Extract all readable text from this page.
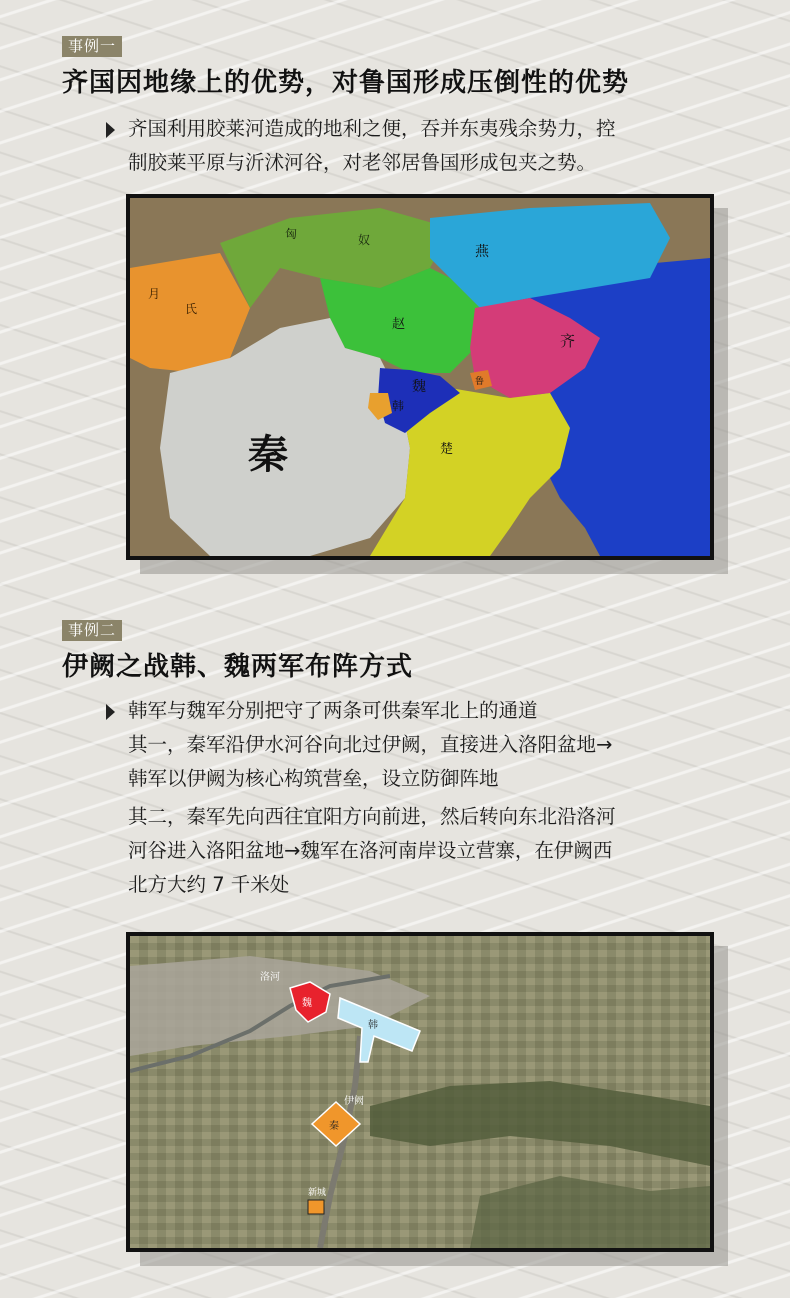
事例一
齐国因地缘上的优势，对鲁国形成压倒性的优势
齐国利用胶莱河造成的地利之便，吞并东夷残余势力，控
制胶莱平原与沂沭河谷，对老邻居鲁国形成包夹之势。
匈	奴
月
氏
燕
赵
齐
魏
韩
鲁
楚
秦
事例二
伊阙之战韩、魏两军布阵方式
韩军与魏军分别把守了两条可供秦军北上的通道
其一，秦军沿伊水河谷向北过伊阙，直接进入洛阳盆地→
韩军以伊阙为核心构筑营垒，设立防御阵地
其二，秦军先向西往宜阳方向前进，然后转向东北沿洛河
河谷进入洛阳盆地→魏军在洛河南岸设立营寨，在伊阙西
北方大约 7 千米处
洛河
魏
韩
伊阙
秦
新城
